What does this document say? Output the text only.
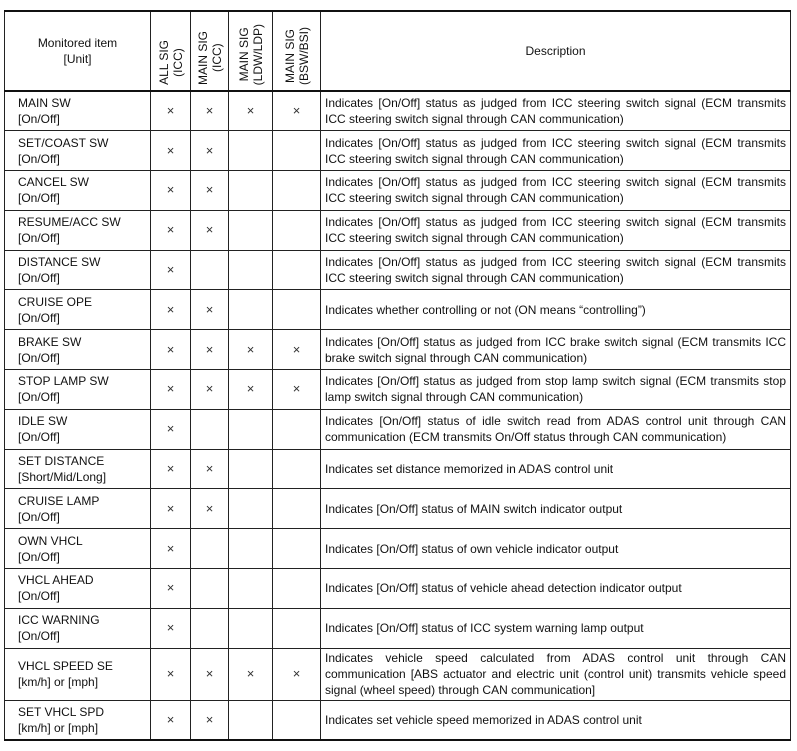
Monitored item
[Unit]	ALL SIG (ICC)	MAIN SIG (ICC)	MAIN SIG (LDW/LDP)	MAIN SIG (BSW/BSI)	Description

MAIN SW
[On/Off]	×	×	×	×	Indicates [On/Off] status as judged from ICC steering switch signal (ECM transmits ICC steering switch signal through CAN communication)

SET/COAST SW
[On/Off]	×	×			Indicates [On/Off] status as judged from ICC steering switch signal (ECM transmits ICC steering switch signal through CAN communication)

CANCEL SW
[On/Off]	×	×			Indicates [On/Off] status as judged from ICC steering switch signal (ECM transmits ICC steering switch signal through CAN communication)

RESUME/ACC SW
[On/Off]	×	×			Indicates [On/Off] status as judged from ICC steering switch signal (ECM transmits ICC steering switch signal through CAN communication)

DISTANCE SW
[On/Off]	×				Indicates [On/Off] status as judged from ICC steering switch signal (ECM transmits ICC steering switch signal through CAN communication)

CRUISE OPE
[On/Off]	×	×			Indicates whether controlling or not (ON means “controlling”)

BRAKE SW
[On/Off]	×	×	×	×	Indicates [On/Off] status as judged from ICC brake switch signal (ECM transmits ICC brake switch signal through CAN communication)

STOP LAMP SW
[On/Off]	×	×	×	×	Indicates [On/Off] status as judged from stop lamp switch signal (ECM transmits stop lamp switch signal through CAN communication)

IDLE SW
[On/Off]	×				Indicates [On/Off] status of idle switch read from ADAS control unit through CAN communication (ECM transmits On/Off status through CAN communication)

SET DISTANCE
[Short/Mid/Long]	×	×			Indicates set distance memorized in ADAS control unit

CRUISE LAMP
[On/Off]	×	×			Indicates [On/Off] status of MAIN switch indicator output

OWN VHCL
[On/Off]	×				Indicates [On/Off] status of own vehicle indicator output

VHCL AHEAD
[On/Off]	×				Indicates [On/Off] status of vehicle ahead detection indicator output

ICC WARNING
[On/Off]	×				Indicates [On/Off] status of ICC system warning lamp output

VHCL SPEED SE
[km/h] or [mph]	×	×	×	×	Indicates vehicle speed calculated from ADAS control unit through CAN communication [ABS actuator and electric unit (control unit) transmits vehicle speed signal (wheel speed) through CAN communication]

SET VHCL SPD
[km/h] or [mph]	×	×			Indicates set vehicle speed memorized in ADAS control unit
